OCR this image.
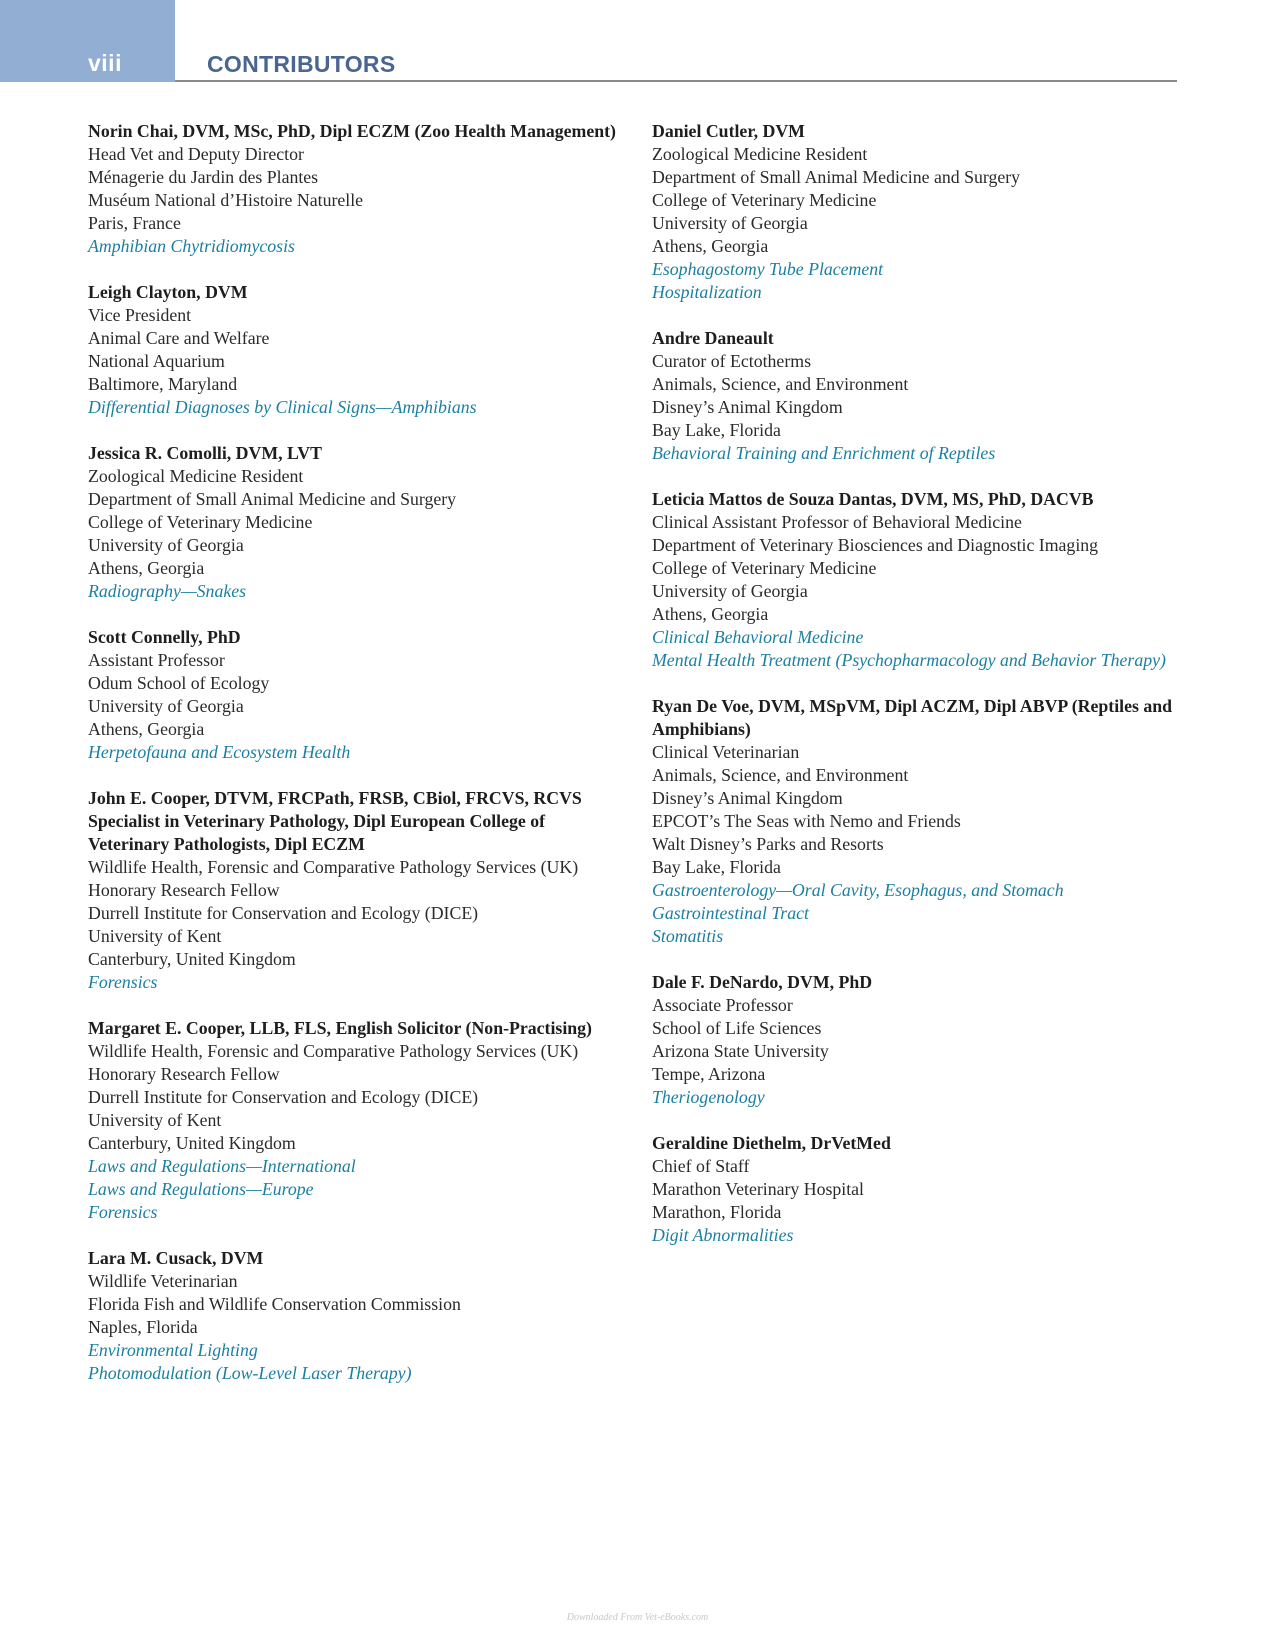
viii	CONTRIBUTORS
Norin Chai, DVM, MSc, PhD, Dipl ECZM (Zoo Health Management)
Head Vet and Deputy Director
Ménagerie du Jardin des Plantes
Muséum National d’Histoire Naturelle
Paris, France
Amphibian Chytridiomycosis
Leigh Clayton, DVM
Vice President
Animal Care and Welfare
National Aquarium
Baltimore, Maryland
Differential Diagnoses by Clinical Signs—Amphibians
Jessica R. Comolli, DVM, LVT
Zoological Medicine Resident
Department of Small Animal Medicine and Surgery
College of Veterinary Medicine
University of Georgia
Athens, Georgia
Radiography—Snakes
Scott Connelly, PhD
Assistant Professor
Odum School of Ecology
University of Georgia
Athens, Georgia
Herpetofauna and Ecosystem Health
John E. Cooper, DTVM, FRCPath, FRSB, CBiol, FRCVS, RCVS Specialist in Veterinary Pathology, Dipl European College of Veterinary Pathologists, Dipl ECZM
Wildlife Health, Forensic and Comparative Pathology Services (UK)
Honorary Research Fellow
Durrell Institute for Conservation and Ecology (DICE)
University of Kent
Canterbury, United Kingdom
Forensics
Margaret E. Cooper, LLB, FLS, English Solicitor (Non-Practising)
Wildlife Health, Forensic and Comparative Pathology Services (UK)
Honorary Research Fellow
Durrell Institute for Conservation and Ecology (DICE)
University of Kent
Canterbury, United Kingdom
Laws and Regulations—International
Laws and Regulations—Europe
Forensics
Lara M. Cusack, DVM
Wildlife Veterinarian
Florida Fish and Wildlife Conservation Commission
Naples, Florida
Environmental Lighting
Photomodulation (Low-Level Laser Therapy)
Daniel Cutler, DVM
Zoological Medicine Resident
Department of Small Animal Medicine and Surgery
College of Veterinary Medicine
University of Georgia
Athens, Georgia
Esophagostomy Tube Placement
Hospitalization
Andre Daneault
Curator of Ectotherms
Animals, Science, and Environment
Disney’s Animal Kingdom
Bay Lake, Florida
Behavioral Training and Enrichment of Reptiles
Leticia Mattos de Souza Dantas, DVM, MS, PhD, DACVB
Clinical Assistant Professor of Behavioral Medicine
Department of Veterinary Biosciences and Diagnostic Imaging
College of Veterinary Medicine
University of Georgia
Athens, Georgia
Clinical Behavioral Medicine
Mental Health Treatment (Psychopharmacology and Behavior Therapy)
Ryan De Voe, DVM, MSpVM, Dipl ACZM, Dipl ABVP (Reptiles and Amphibians)
Clinical Veterinarian
Animals, Science, and Environment
Disney’s Animal Kingdom
EPCOT’s The Seas with Nemo and Friends
Walt Disney’s Parks and Resorts
Bay Lake, Florida
Gastroenterology—Oral Cavity, Esophagus, and Stomach
Gastrointestinal Tract
Stomatitis
Dale F. DeNardo, DVM, PhD
Associate Professor
School of Life Sciences
Arizona State University
Tempe, Arizona
Theriogenology
Geraldine Diethelm, DrVetMed
Chief of Staff
Marathon Veterinary Hospital
Marathon, Florida
Digit Abnormalities
Downloaded From Vet-eBooks.com
